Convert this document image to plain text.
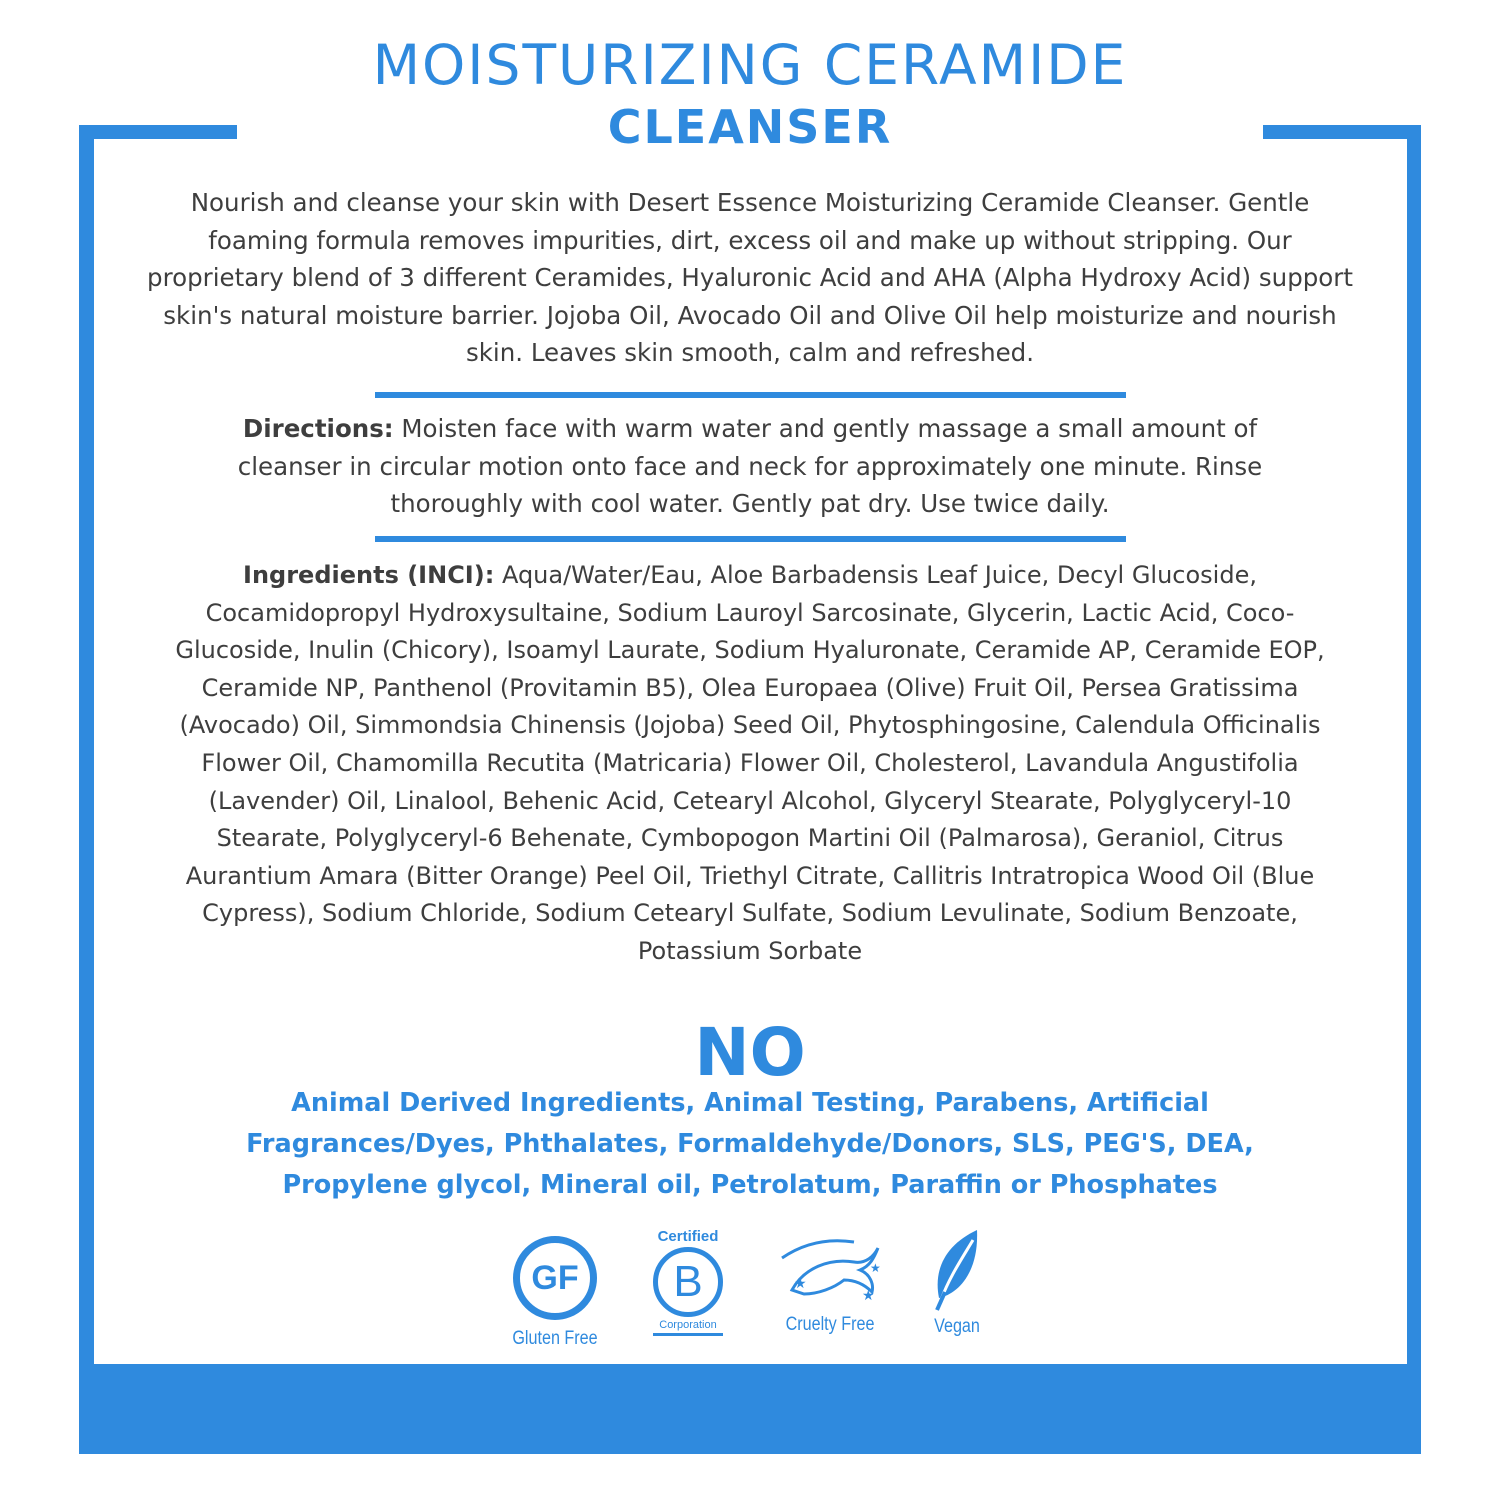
MOISTURIZING CERAMIDE
CLEANSER
Nourish and cleanse your skin with Desert Essence Moisturizing Ceramide Cleanser. Gentle foaming formula removes impurities, dirt, excess oil and make up without stripping. Our proprietary blend of 3 different Ceramides, Hyaluronic Acid and AHA (Alpha Hydroxy Acid) support skin's natural moisture barrier. Jojoba Oil, Avocado Oil and Olive Oil help moisturize and nourish skin. Leaves skin smooth, calm and refreshed.
Directions: Moisten face with warm water and gently massage a small amount of cleanser in circular motion onto face and neck for approximately one minute. Rinse thoroughly with cool water. Gently pat dry. Use twice daily.
Ingredients (INCI): Aqua/Water/Eau, Aloe Barbadensis Leaf Juice, Decyl Glucoside, Cocamidopropyl Hydroxysultaine, Sodium Lauroyl Sarcosinate, Glycerin, Lactic Acid, Coco-Glucoside, Inulin (Chicory), Isoamyl Laurate, Sodium Hyaluronate, Ceramide AP, Ceramide EOP, Ceramide NP, Panthenol (Provitamin B5), Olea Europaea (Olive) Fruit Oil, Persea Gratissima (Avocado) Oil, Simmondsia Chinensis (Jojoba) Seed Oil, Phytosphingosine, Calendula Officinalis Flower Oil, Chamomilla Recutita (Matricaria) Flower Oil, Cholesterol, Lavandula Angustifolia (Lavender) Oil, Linalool, Behenic Acid, Cetearyl Alcohol, Glyceryl Stearate, Polyglyceryl-10 Stearate, Polyglyceryl-6 Behenate, Cymbopogon Martini Oil (Palmarosa), Geraniol, Citrus Aurantium Amara (Bitter Orange) Peel Oil, Triethyl Citrate, Callitris Intratropica Wood Oil (Blue Cypress), Sodium Chloride, Sodium Cetearyl Sulfate, Sodium Levulinate, Sodium Benzoate, Potassium Sorbate
NO
Animal Derived Ingredients, Animal Testing, Parabens, Artificial Fragrances/Dyes, Phthalates, Formaldehyde/Donors, SLS, PEG'S, DEA, Propylene glycol, Mineral oil, Petrolatum, Paraffin or Phosphates
GF
Gluten Free
Certified
B
Corporation
★
★
★
Cruelty Free	Vegan
